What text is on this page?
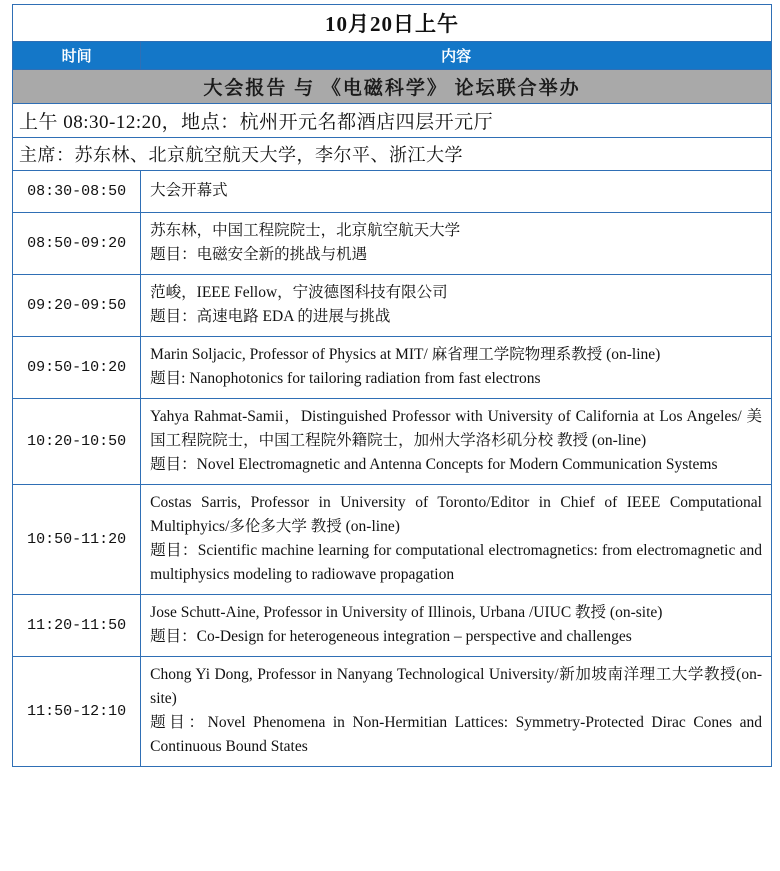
10月20日上午	
时间	内容
大会报告 与 《电磁科学》 论坛联合举办	
上午 08:30-12:20，地点：杭州开元名都酒店四层开元厅	
主席：苏东林、北京航空航天大学，李尔平、浙江大学	
08:30-08:50	大会开幕式

08:50-09:20	苏东林，中国工程院院士，北京航空航天大学
题目：电磁安全新的挑战与机遇

09:20-09:50	范峻，IEEE Fellow，宁波德图科技有限公司
题目：高速电路 EDA 的进展与挑战

09:50-10:20	Marin Soljacic, Professor of Physics at MIT/ 麻省理工学院物理系教授 (on-line)
题目: Nanophotonics for tailoring radiation from fast electrons

10:20-10:50	Yahya Rahmat-Samii，Distinguished Professor with University of California at Los Angeles/ 美国工程院院士，中国工程院外籍院士，加州大学洛杉矶分校 教授 (on-line)
题目：Novel Electromagnetic and Antenna Concepts for Modern Communication Systems

10:50-11:20	Costas Sarris, Professor in University of Toronto/Editor in Chief of IEEE Computational Multiphyics/多伦多大学 教授 (on-line)
题目：Scientific machine learning for computational electromagnetics: from electromagnetic and multiphysics modeling to radiowave propagation

11:20-11:50	Jose Schutt-Aine, Professor in University of Illinois, Urbana /UIUC 教授 (on-site)
题目：Co-Design for heterogeneous integration – perspective and challenges

11:50-12:10	Chong Yi Dong, Professor in Nanyang Technological University/新加坡南洋理工大学教授(on-site)
题目：Novel Phenomena in Non-Hermitian Lattices: Symmetry-Protected Dirac Cones and Continuous Bound States
